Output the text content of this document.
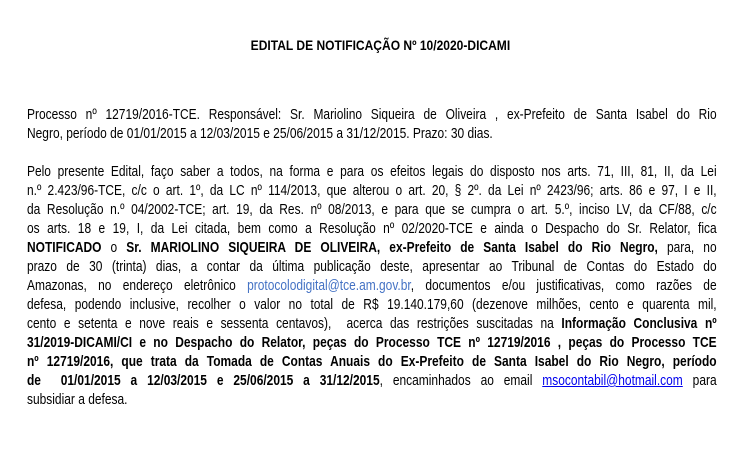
EDITAL DE NOTIFICAÇÃO Nº 10/2020-DICAMI
Processo nº 12719/2016-TCE. Responsável: Sr. Mariolino Siqueira de Oliveira , ex-Prefeito de Santa Isabel do Rio
Negro, período de 01/01/2015 a 12/03/2015 e 25/06/2015 a 31/12/2015. Prazo: 30 dias.
Pelo presente Edital, faço saber a todos, na forma e para os efeitos legais do disposto nos arts. 71, III, 81, II, da Lei
n.º 2.423/96-TCE, c/c o art. 1º, da LC nº 114/2013, que alterou o art. 20, § 2º. da Lei nº 2423/96; arts. 86 e 97, I e II,
da Resolução n.º 04/2002-TCE; art. 19, da Res. nº 08/2013, e para que se cumpra o art. 5.º, inciso LV, da CF/88, c/c
os arts. 18 e 19, I, da Lei citada, bem como a Resolução nº 02/2020-TCE e ainda o Despacho do Sr. Relator, fica
NOTIFICADO o Sr. MARIOLINO SIQUEIRA DE OLIVEIRA, ex-Prefeito de Santa Isabel do Rio Negro, para, no
prazo de 30 (trinta) dias, a contar da última publicação deste, apresentar ao Tribunal de Contas do Estado do
Amazonas, no endereço eletrônico protocolodigital@tce.am.gov.br, documentos e/ou justificativas, como razões de
defesa, podendo inclusive, recolher o valor no total de R$ 19.140.179,60 (dezenove milhões, cento e quarenta mil,
cento e setenta e nove reais e sessenta centavos),  acerca das restrições suscitadas na Informação Conclusiva nº
31/2019-DICAMI/CI e no Despacho do Relator, peças do Processo TCE nº 12719/2016 , peças do Processo TCE
nº 12719/2016, que trata da Tomada de Contas Anuais do Ex-Prefeito de Santa Isabel do Rio Negro, período
de  01/01/2015 a 12/03/2015 e 25/06/2015 a 31/12/2015, encaminhados ao email msocontabil@hotmail.com para
subsidiar a defesa.
